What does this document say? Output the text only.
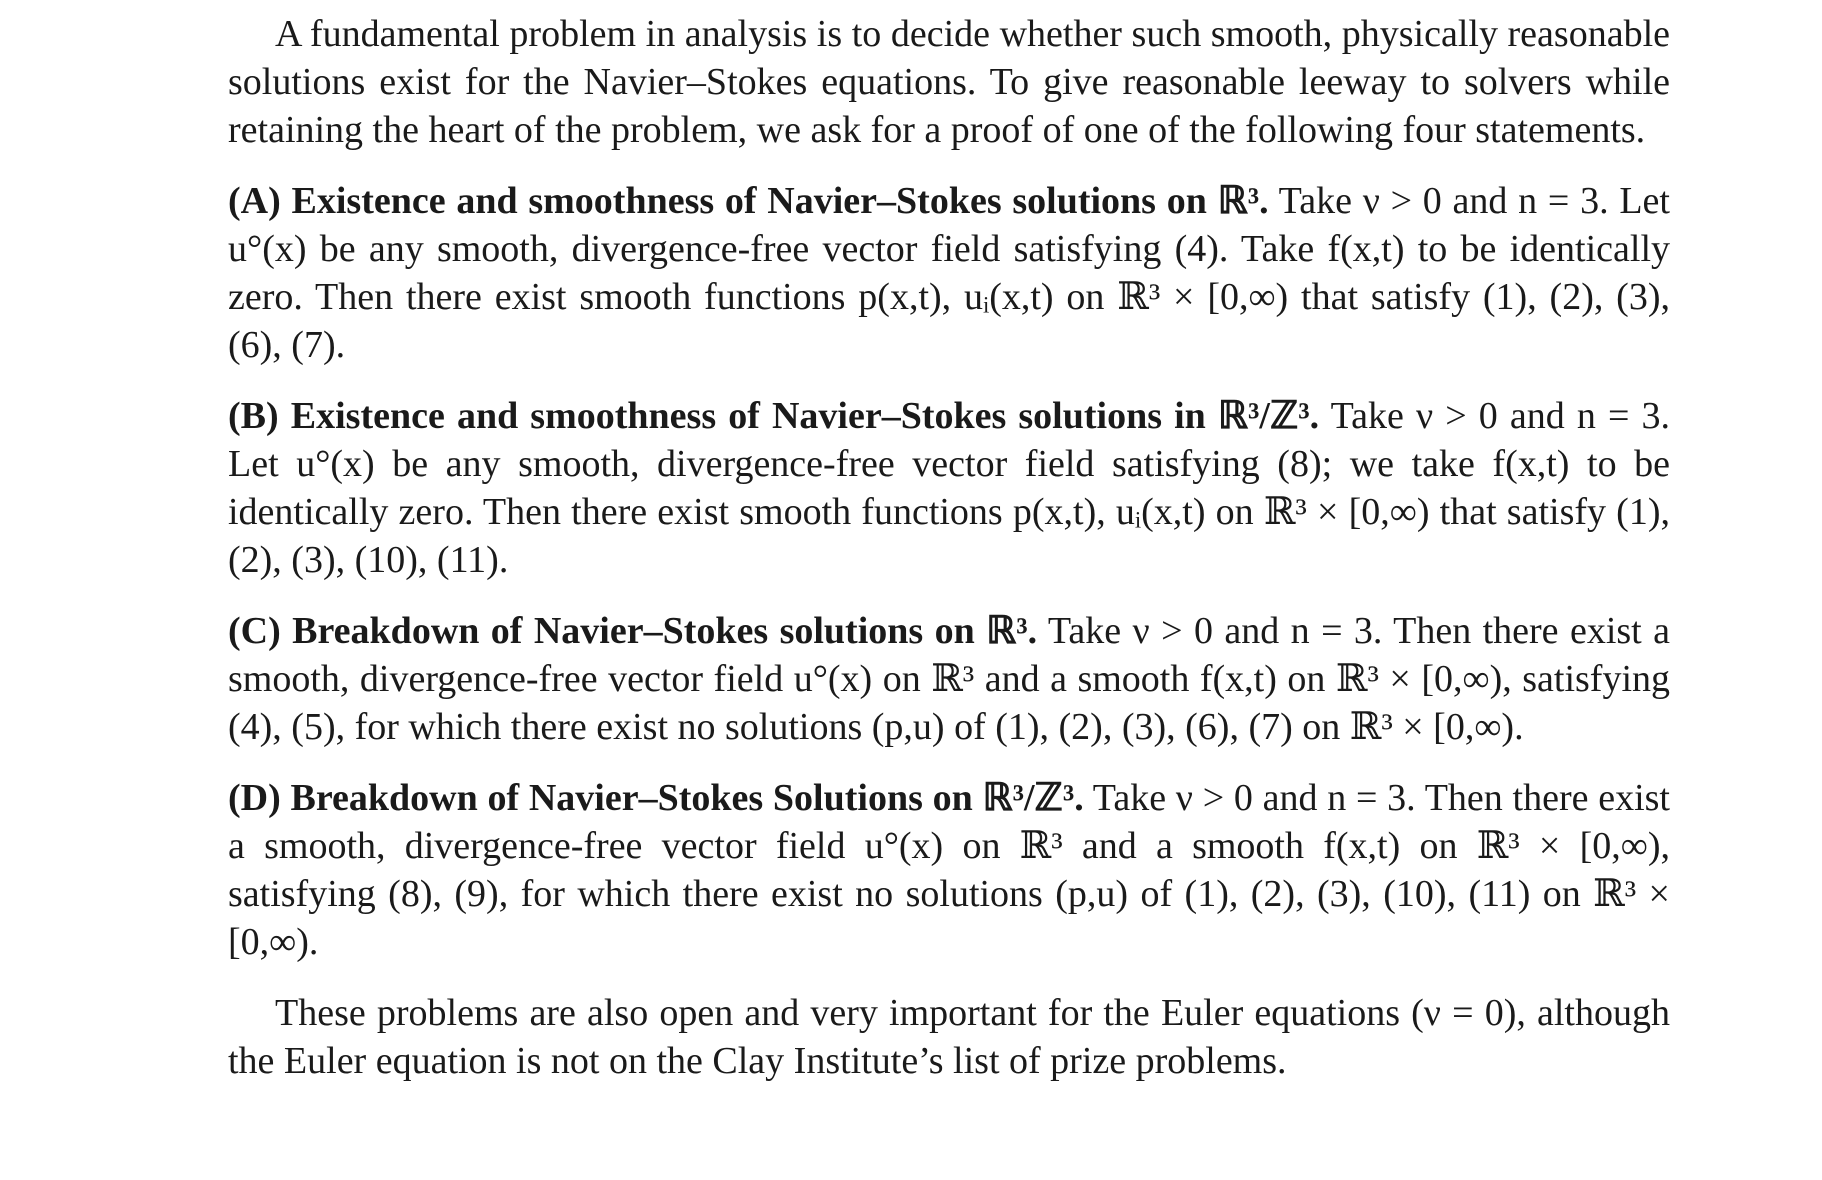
A fundamental problem in analysis is to decide whether such smooth, physically reasonable solutions exist for the Navier–Stokes equations. To give reasonable leeway to solvers while retaining the heart of the problem, we ask for a proof of one of the following four statements.

(A) Existence and smoothness of Navier–Stokes solutions on ℝ³. Take ν > 0 and n = 3. Let u°(x) be any smooth, divergence-free vector field satisfying (4). Take f(x,t) to be identically zero. Then there exist smooth functions p(x,t), uᵢ(x,t) on ℝ³ × [0,∞) that satisfy (1), (2), (3), (6), (7).

(B) Existence and smoothness of Navier–Stokes solutions in ℝ³/ℤ³. Take ν > 0 and n = 3. Let u°(x) be any smooth, divergence-free vector field satisfying (8); we take f(x,t) to be identically zero. Then there exist smooth functions p(x,t), uᵢ(x,t) on ℝ³ × [0,∞) that satisfy (1), (2), (3), (10), (11).

(C) Breakdown of Navier–Stokes solutions on ℝ³. Take ν > 0 and n = 3. Then there exist a smooth, divergence-free vector field u°(x) on ℝ³ and a smooth f(x,t) on ℝ³ × [0,∞), satisfying (4), (5), for which there exist no solutions (p,u) of (1), (2), (3), (6), (7) on ℝ³ × [0,∞).

(D) Breakdown of Navier–Stokes Solutions on ℝ³/ℤ³. Take ν > 0 and n = 3. Then there exist a smooth, divergence-free vector field u°(x) on ℝ³ and a smooth f(x,t) on ℝ³ × [0,∞), satisfying (8), (9), for which there exist no solutions (p,u) of (1), (2), (3), (10), (11) on ℝ³ × [0,∞).

These problems are also open and very important for the Euler equations (ν = 0), although the Euler equation is not on the Clay Institute’s list of prize problems.
